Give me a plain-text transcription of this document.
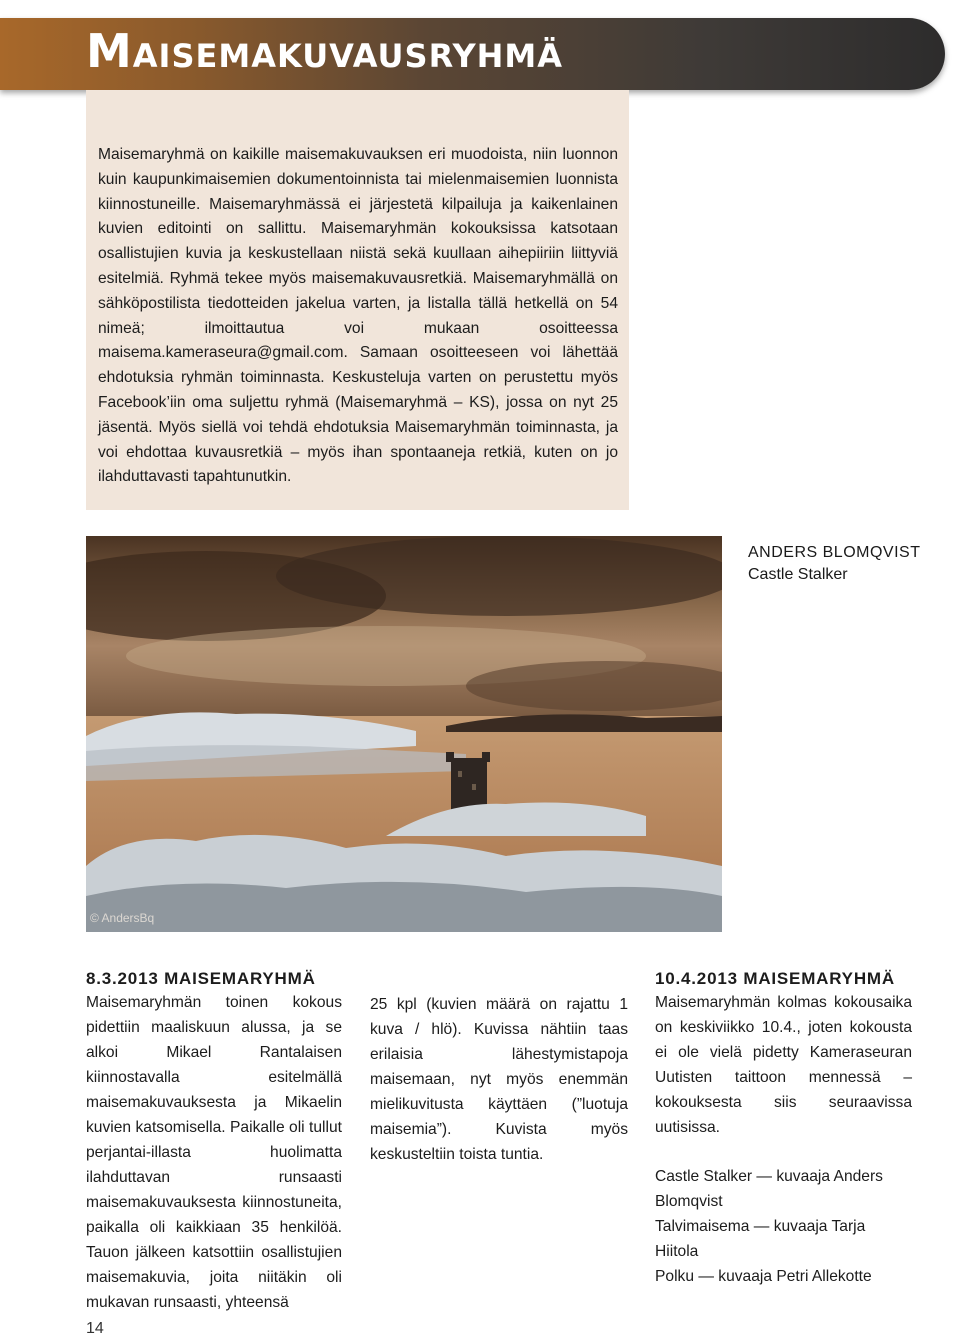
Maisemakuvausryhmä

Maisemaryhmä on kaikille maisemakuvauksen eri muodoista, niin luonnon kuin kaupunkimaisemien dokumentoinnista tai mielenmaisemien luonnista kiinnostuneille. Maisemaryhmässä ei järjestetä kilpailuja ja kaikenlainen kuvien editointi on sallittu. Maisemaryhmän kokouksissa katsotaan osallistujien kuvia ja keskustellaan niistä sekä kuullaan aihepiiriin liittyviä esitelmiä. Ryhmä tekee myös maisemakuvausretkiä. Maisemaryhmällä on sähköpostilista tiedotteiden jakelua varten, ja listalla tällä hetkellä on 54 nimeä; ilmoittautua voi mukaan osoitteessa maisema.kameraseura@gmail.com. Samaan osoitteeseen voi lähettää ehdotuksia ryhmän toiminnasta. Keskusteluja varten on perustettu myös Facebook’iin oma suljettu ryhmä (Maisemaryhmä – KS), jossa on nyt 25 jäsentä. Myös siellä voi tehdä ehdotuksia Maisemaryhmän toiminnasta, ja voi ehdottaa kuvausretkiä – myös ihan spontaaneja retkiä, kuten on jo ilahduttavasti tapahtunutkin.

© AndersBq
ANDERS BLOMQVIST
Castle Stalker

8.3.2013 MAISEMARYHMÄ

Maisemaryhmän toinen kokous pidettiin maaliskuun alussa, ja se alkoi Mikael Rantalaisen kiinnostavalla esitelmällä maisemakuvauksesta ja Mikaelin kuvien katsomisella. Paikalle oli tullut perjantai-illasta huolimatta ilahduttavan runsaasti maisemakuvauksesta kiinnostuneita, paikalla oli kaikkiaan 35 henkilöä. Tauon jälkeen katsottiin osallistujien maisemakuvia, joita niitäkin oli mukavan runsaasti, yhteensä

25 kpl (kuvien määrä on rajattu 1 kuva / hlö). Kuvissa nähtiin taas erilaisia lähestymistapoja maisemaan, nyt myös enemmän mielikuvitusta käyttäen (”luotuja maisemia”). Kuvista myös keskusteltiin toista tuntia.

10.4.2013 MAISEMARYHMÄ

Maisemaryhmän kolmas kokousaika on keskiviikko 10.4., joten kokousta ei ole vielä pidetty Kameraseuran Uutisten taittoon mennessä – kokouksesta siis seuraavissa uutisissa.

Castle Stalker — kuvaaja Anders Blomqvist
Talvimaisema — kuvaaja Tarja Hiitola
Polku — kuvaaja Petri Allekotte

14
